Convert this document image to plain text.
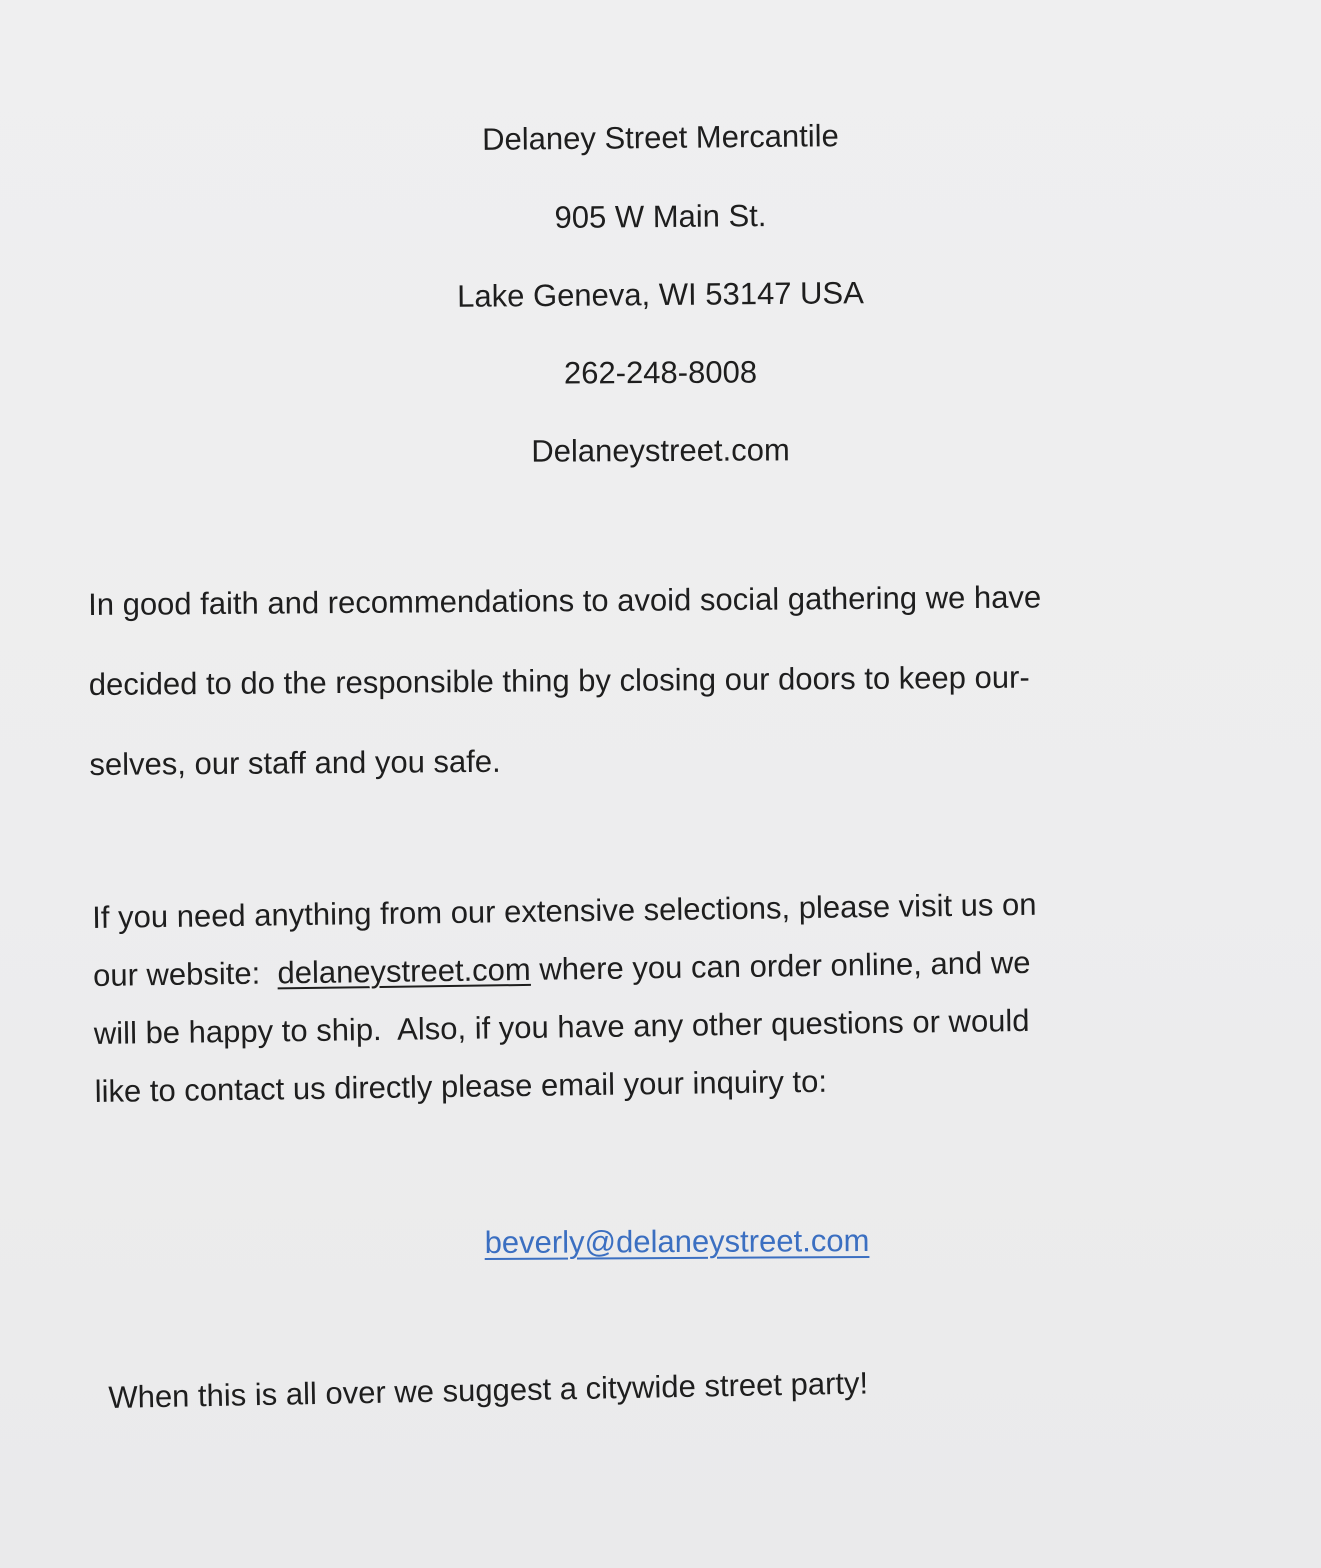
Delaney Street Mercantile

905 W Main St.

Lake Geneva, WI 53147 USA

262-248-8008

Delaneystreet.com

In good faith and recommendations to avoid social gathering we have
decided to do the responsible thing by closing our doors to keep our-
selves, our staff and you safe.
If you need anything from our extensive selections, please visit us on
our website:  delaneystreet.com where you can order online, and we
will be happy to ship.  Also, if you have any other questions or would
like to contact us directly please email your inquiry to:

beverly@delaneystreet.com

When this is all over we suggest a citywide street party!
